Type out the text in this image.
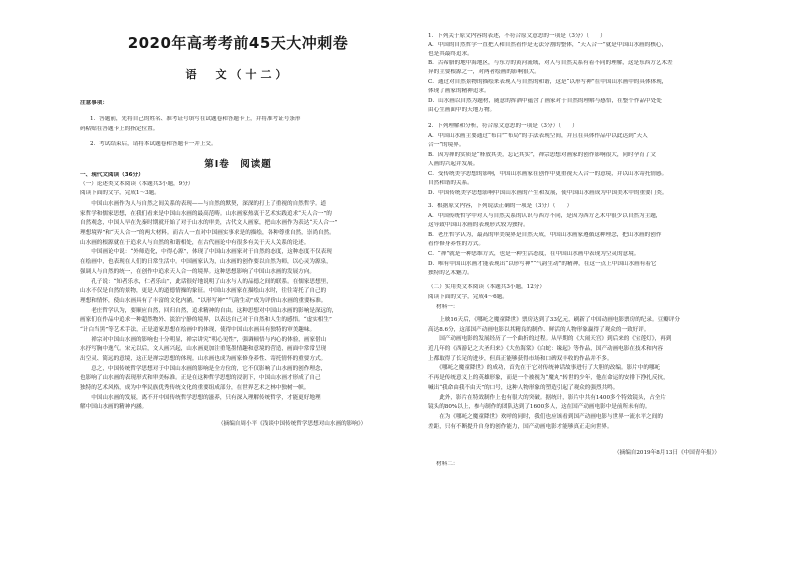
2020年高考考前45天大冲刺卷
语　文（十二）
注意事项：
1．答题前，先将自己的姓名、准考证号填写在试题卷和答题卡上，并将准考证号条形
码粘贴在答题卡上的指定位置。
2．考试结束后，请将本试题卷和答题卡一并上交。
第Ⅰ卷　阅读题
一、现代文阅读（36分）
（一）论述类文本阅读（本题共3小题，9分）
阅读下面的文字，完成1～3题。
　　中国山水画作为人与自然之间关系的表现——与自然的默契，深深的打上了重视的自然哲学。道
家哲学和儒家思想，在我们看来是中国山水画的最高范畴。山水画家热衷于艺术实践追求“天人合一”的
自然观念，中国人早在先秦时期就开始了对于山水的审美，古代文人画家，把山水画作为表达“天人合一”
理想境界”和“天人合一”的两大材料。而古人一直对中国画实事求是的描绘，各种尊重自然，崇尚自然。
山水画的根源就在于追求人与自然的和谐相处，在古代画论中有很多有关于天人关系的论述。
　　中国画论中说：“外师造化，中得心源”，体现了中国山水画家对于自然的态度，这种态度不仅表现
在绘画中，也表现在人们的日常生活中。中国画家认为，山水画的创作要以自然为师，以心灵为源泉，
强调人与自然的统一，在创作中追求天人合一的境界。这种思想影响了中国山水画的发展方向。
　　孔子说：“知者乐水，仁者乐山”，此话很好地说明了山水与人的品德之间的联系。在儒家思想里，
山水不仅是自然的景物，更是人的道德情操的象征。中国山水画家在描绘山水时，往往寄托了自己的
理想和情怀，使山水画具有了丰富的文化内涵。“以形写神”“气韵生动”成为评价山水画的重要标准。
　　老庄哲学认为，要顺应自然，回归自然，追求精神的自由。这种思想对中国山水画的影响是深远的，
画家们在作品中追求一种超然物外、淡泊宁静的境界，以表达自己对于自然和人生的感悟。“虚实相生”
“计白当黑”等艺术手法，正是道家思想在绘画中的体现，使得中国山水画具有独特的审美趣味。
　　禅宗对中国山水画的影响也十分明显，禅宗讲究“明心见性”，强调顿悟与内心的体验，画家借山
水抒写胸中逸气。宋元以后，文人画兴起，山水画更加注重笔墨情趣和意境的营造，画面中常常呈现
出空灵、简远的意境，这正是禅宗思想的体现。山水画也成为画家修身养性、寄托情怀的重要方式。
　　总之，中国传统哲学思想对于中国山水画的影响是全方位的，它不仅影响了山水画的创作理念，
也影响了山水画的表现形式和审美标准。正是在这种哲学思想的浸润下，中国山水画才形成了自己
独特的艺术风格，成为中华民族优秀传统文化的重要组成部分，在世界艺术之林中独树一帜。
　　中国山水画的发展，离不开中国传统哲学思想的滋养，只有深入理解传统哲学，才能更好地理
解中国山水画的精神内涵。
（摘编自周小平《浅谈中国传统哲学思想对山水画的影响》）
1．下列关于原文内容的表述，不符合原文意思的一项是（3分）（　　）
A．中国的自然哲学一直把人和自然看作是无法分割的整体，“天人合一”就是中国山水画的核心，
也是其最终追求。
B．古希腊的地中海地区，与东方的黄河流域，对人与自然关系有着不同的理解，这是东西方艺术差
异的主要根源之一，对两者绘画的影响很大。
C．通过对自然景物的描绘来表现人与自然的和谐，这是“以形写神”在中国山水画中的具体体现，
体现了画家的精神追求。
D．山水画以自然为题材，随意的挥洒中蕴含了画家对于自然的理解与感悟，在整个作品中处处
由心生画面中的天地万物。
2．下列理解和分析，符合原文意思的一项是（3分）（　　）
A．中国山水画主要通过“布白”“布局”的手法表现空间，并且在具体作品中以此达到“天人
合一”的境界。
B．因为禅的实质是“释放其美，忘记其实”，禅宗思想对画家的创作影响很大，同时孕育了文
人画的兴起并发展。
C．受传统美学思想的影响，中国山水画家在创作中更重视天人合一的意境，并以山水寄托情感。
自然和谐的关系。
D．中国传统美学思想影响中国山水画的产生和发展，使中国山水画成为中国美术中的重要门类。
3．根据原文内容，下列说法正确的一项是（3分）（　　）
A．中国传统哲学中对人与自然关系的认识与西方不同，是因为西方艺术中很少以自然为主题，
这导致中国山水画的表现形式较为独特。
B．老庄哲学认为，最高的审美境界是自然天成，中国山水画家遵循这种理念，把山水画的创作
看作修身养性的方式。
C．“禅”就是一种思维方式，也是一种生活态度，在中国山水画中表现为空灵的意境。
D．唯有中国山水画才能表现出“以形写神”“气韵生动”的精神，在这一点上中国山水画有着它
独特的艺术魅力。
（二）实用类文本阅读（本题共3小题，12分）
阅读下面的文字，完成4～6题。
材料一：
　　上映16天后，《哪吒之魔童降世》票房达到了33亿元，刷新了中国动画电影票房的纪录。豆瓣评分
高达8.6分，这部国产动画电影以其精良的制作、鲜活的人物形象赢得了观众的一致好评。
　　国产动画电影的发展经历了一个曲折的过程。从早期的《大闹天宫》到后来的《宝莲灯》，再到
近几年的《西游记之大圣归来》《大鱼海棠》《白蛇：缘起》等作品，国产动画电影在技术和内容
上都取得了长足的进步，但真正能够获得市场和口碑双丰收的作品并不多。
　　《哪吒之魔童降世》的成功，首先在于它对传统神话故事进行了大胆的改编。影片中的哪吒
不再是传统意义上的英雄形象，而是一个被视为“魔丸”转世的少年，他在命运的安排下挣扎反抗，
喊出“我命由我不由天”的口号，这种人物形象的塑造引起了观众的强烈共鸣。
　　此外，影片在特效制作上也有很大的突破。据统计，影片中共有1400多个特效镜头，占全片
镜头的80%以上，参与制作的团队达到了1600多人，这在国产动画电影中是前所未有的。
　　在为《哪吒之魔童降世》欢呼的同时，我们也应该看到国产动画电影与世界一流水平之间的
差距，只有不断提升自身的创作能力，国产动画电影才能够真正走向世界。
（摘编自2019年8月13日《中国青年报》）
材料二：
